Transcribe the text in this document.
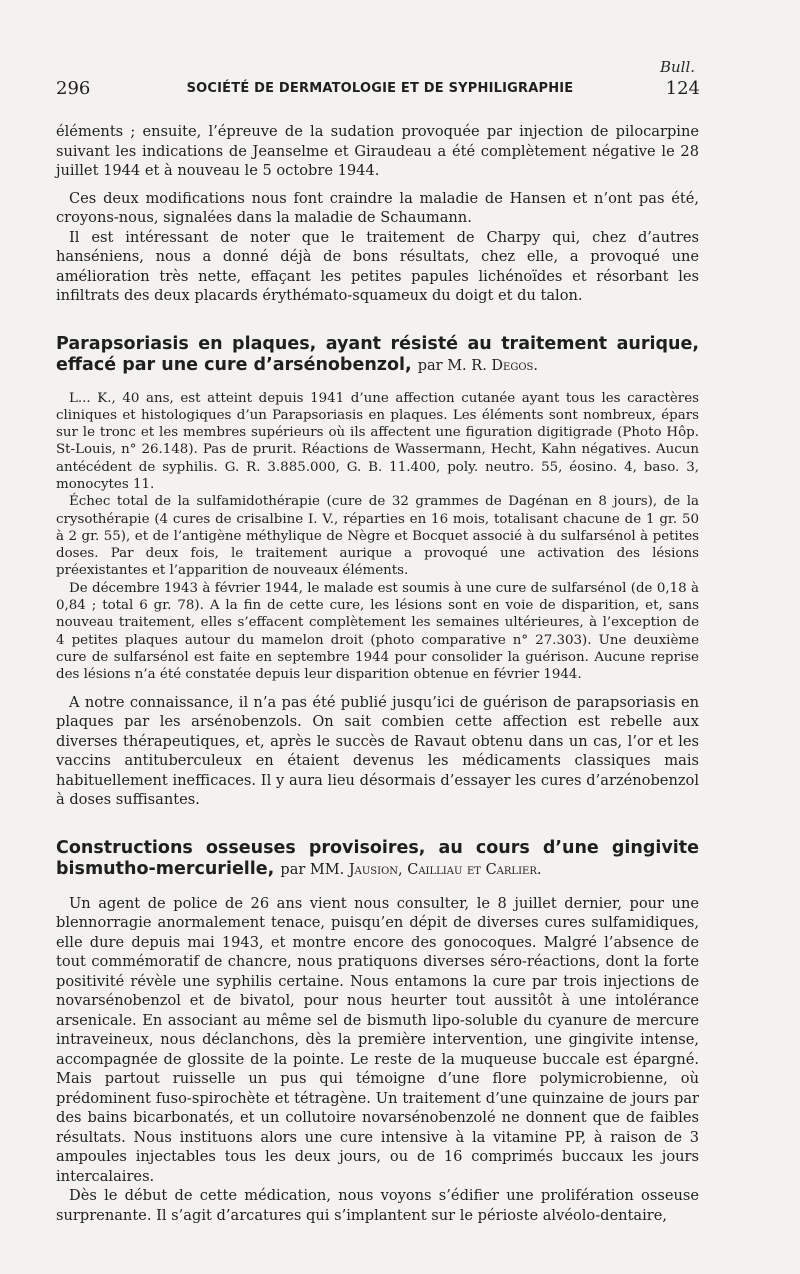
Bull.
296	SOCIÉTÉ DE DERMATOLOGIE ET DE SYPHILIGRAPHIE	124

éléments ; ensuite, l’épreuve de la sudation provoquée par injection de pilocarpine suivant les indications de Jeanselme et Giraudeau a été complètement négative le 28 juillet 1944 et à nouveau le 5 octobre 1944.

Ces deux modifications nous font craindre la maladie de Hansen et n’ont pas été, croyons-nous, signalées dans la maladie de Schaumann.

Il est intéressant de noter que le traitement de Charpy qui, chez d’autres hanséniens, nous a donné déjà de bons résultats, chez elle, a provoqué une amélioration très nette, effaçant les petites papules lichénoïdes et résorbant les infiltrats des deux placards érythémato-squameux du doigt et du talon.

Parapsoriasis en plaques, ayant résisté au traitement aurique, effacé par une cure d’arsénobenzol, par M. R. Degos.

L... K., 40 ans, est atteint depuis 1941 d’une affection cutanée ayant tous les caractères cliniques et histologiques d’un Parapsoriasis en plaques. Les éléments sont nombreux, épars sur le tronc et les membres supérieurs où ils affectent une figuration digitigrade (Photo Hôp. St-Louis, n° 26.148). Pas de prurit. Réactions de Wassermann, Hecht, Kahn négatives. Aucun antécédent de syphilis. G. R. 3.885.000, G. B. 11.400, poly. neutro. 55, éosino. 4, baso. 3, monocytes 11.

Échec total de la sulfamidothérapie (cure de 32 grammes de Dagénan en 8 jours), de la crysothérapie (4 cures de crisalbine I. V., réparties en 16 mois, totalisant chacune de 1 gr. 50 à 2 gr. 55), et de l’antigène méthylique de Nègre et Bocquet associé à du sulfarsénol à petites doses. Par deux fois, le traitement aurique a provoqué une activation des lésions préexistantes et l’apparition de nouveaux éléments.

De décembre 1943 à février 1944, le malade est soumis à une cure de sulfarsénol (de 0,18 à 0,84 ; total 6 gr. 78). A la fin de cette cure, les lésions sont en voie de disparition, et, sans nouveau traitement, elles s’effacent complètement les semaines ultérieures, à l’exception de 4 petites plaques autour du mamelon droit (photo comparative n° 27.303). Une deuxième cure de sulfarsénol est faite en septembre 1944 pour consolider la guérison. Aucune reprise des lésions n’a été constatée depuis leur disparition obtenue en février 1944.

A notre connaissance, il n’a pas été publié jusqu’ici de guérison de parapsoriasis en plaques par les arsénobenzols. On sait combien cette affection est rebelle aux diverses thérapeutiques, et, après le succès de Ravaut obtenu dans un cas, l’or et les vaccins antituberculeux en étaient devenus les médicaments classiques mais habituellement inefficaces. Il y aura lieu désormais d’essayer les cures d’arzénobenzol à doses suffisantes.

Constructions osseuses provisoires, au cours d’une gingivite bismutho-mercurielle, par MM. Jausion, Cailliau et Carlier.

Un agent de police de 26 ans vient nous consulter, le 8 juillet dernier, pour une blennorragie anormalement tenace, puisqu’en dépit de diverses cures sulfamidiques, elle dure depuis mai 1943, et montre encore des gonocoques. Malgré l’absence de tout commémoratif de chancre, nous pratiquons diverses séro-réactions, dont la forte positivité révèle une syphilis certaine. Nous entamons la cure par trois injections de novarsénobenzol et de bivatol, pour nous heurter tout aussitôt à une intolérance arsenicale. En associant au même sel de bismuth lipo-soluble du cyanure de mercure intraveineux, nous déclanchons, dès la première intervention, une gingivite intense, accompagnée de glossite de la pointe. Le reste de la muqueuse buccale est épargné. Mais partout ruisselle un pus qui témoigne d’une flore polymicrobienne, où prédominent fuso-spirochète et tétragène. Un traitement d’une quinzaine de jours par des bains bicarbonatés, et un collutoire novarsénobenzolé ne donnent que de faibles résultats. Nous instituons alors une cure intensive à la vitamine PP, à raison de 3 ampoules injectables tous les deux jours, ou de 16 comprimés buccaux les jours intercalaires.

Dès le début de cette médication, nous voyons s’édifier une prolifération osseuse surprenante. Il s’agit d’arcatures qui s’implantent sur le périoste alvéolo-dentaire,
